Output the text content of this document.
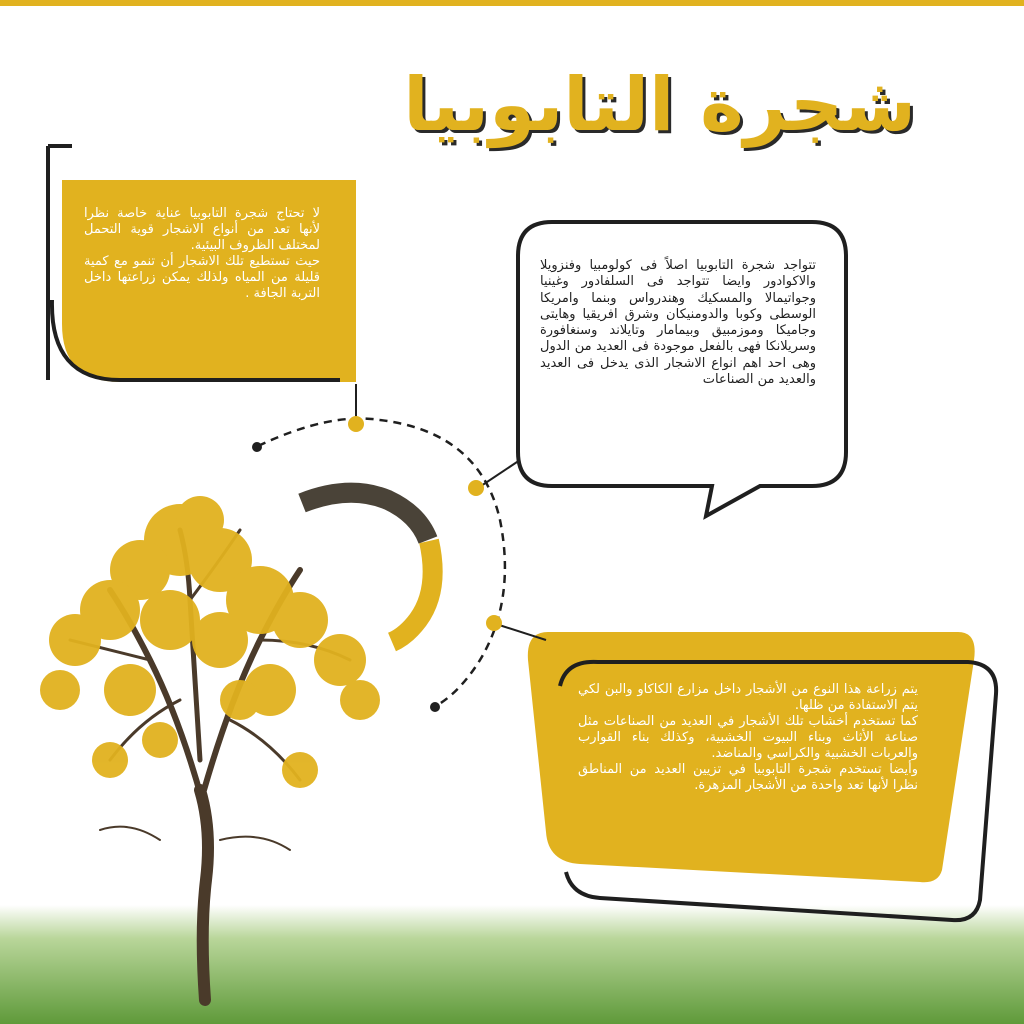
شجرة التابوبيا
لا تحتاج شجرة التابوبيا عناية خاصة نظرا لأنها تعد من أنواع الاشجار قوية التحمل لمختلف الظروف البيئية.
حيث تستطيع تلك الاشجار أن تنمو مع كمية قليلة من المياه ولذلك يمكن زراعتها داخل التربة الجافة .
تتواجد شجرة التابوبيا اصلاً فى كولومبيا وفنزويلا والاكوادور وايضا تتواجد فى السلفادور وغينيا وجواتيمالا والمسكيك وهندرواس وبنما وامريكا الوسطى وكوبا والدومنيكان وشرق افريقيا وهايتى وجاميكا وموزمبيق وبيمامار وتايلاند وسنغافورة وسريلانكا فهى بالفعل موجودة فى العديد من الدول وهى احد اهم انواع الاشجار الذى يدخل فى العديد والعديد من الصناعات
يتم زراعة هذا النوع من الأشجار داخل مزارع الكاكاو والبن لكي يتم الاستفادة من ظلها.
كما تستخدم أخشاب تلك الأشجار في العديد من الصناعات مثل صناعة الأثاث وبناء البيوت الخشبية، وكذلك بناء القوارب والعربات الخشبية والكراسي والمناضد.
وأيضا تستخدم شجرة التابوبيا في تزيين العديد من المناطق نظرا لأنها تعد واحدة من الأشجار المزهرة.
